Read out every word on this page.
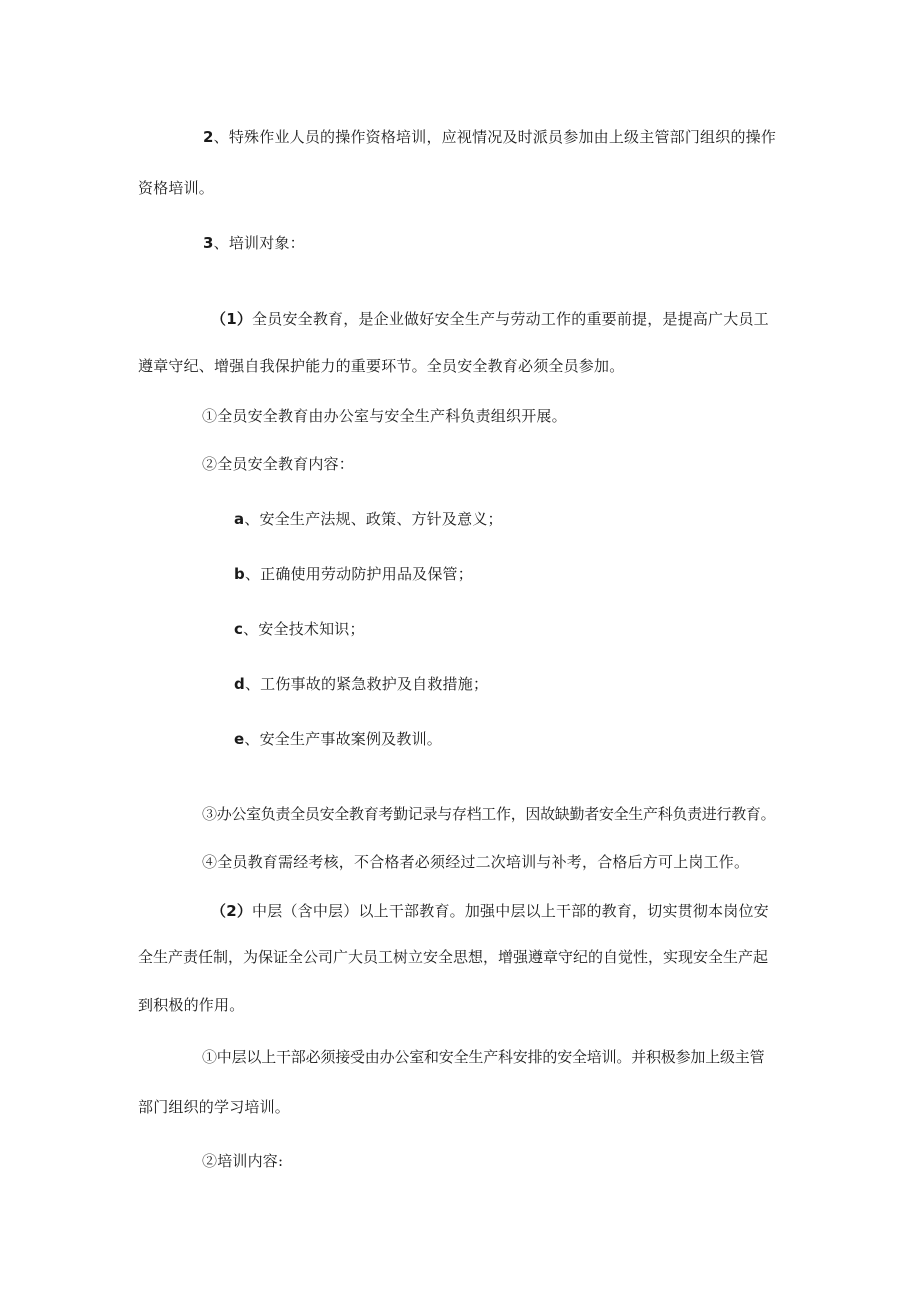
2、特殊作业人员的操作资格培训，应视情况及时派员参加由上级主管部门组织的操作
资格培训。
3、培训对象：
（1）全员安全教育，是企业做好安全生产与劳动工作的重要前提，是提高广大员工
遵章守纪、增强自我保护能力的重要环节。全员安全教育必须全员参加。
①全员安全教育由办公室与安全生产科负责组织开展。
②全员安全教育内容：
a、安全生产法规、政策、方针及意义；
b、正确使用劳动防护用品及保管；
c、安全技术知识；
d、工伤事故的紧急救护及自救措施；
e、安全生产事故案例及教训。
③办公室负责全员安全教育考勤记录与存档工作，因故缺勤者安全生产科负责进行教育。
④全员教育需经考核，不合格者必须经过二次培训与补考，合格后方可上岗工作。
（2）中层（含中层）以上干部教育。加强中层以上干部的教育，切实贯彻本岗位安
全生产责任制，为保证全公司广大员工树立安全思想，增强遵章守纪的自觉性，实现安全生产起
到积极的作用。
①中层以上干部必须接受由办公室和安全生产科安排的安全培训。并积极参加上级主管
部门组织的学习培训。
②培训内容:
